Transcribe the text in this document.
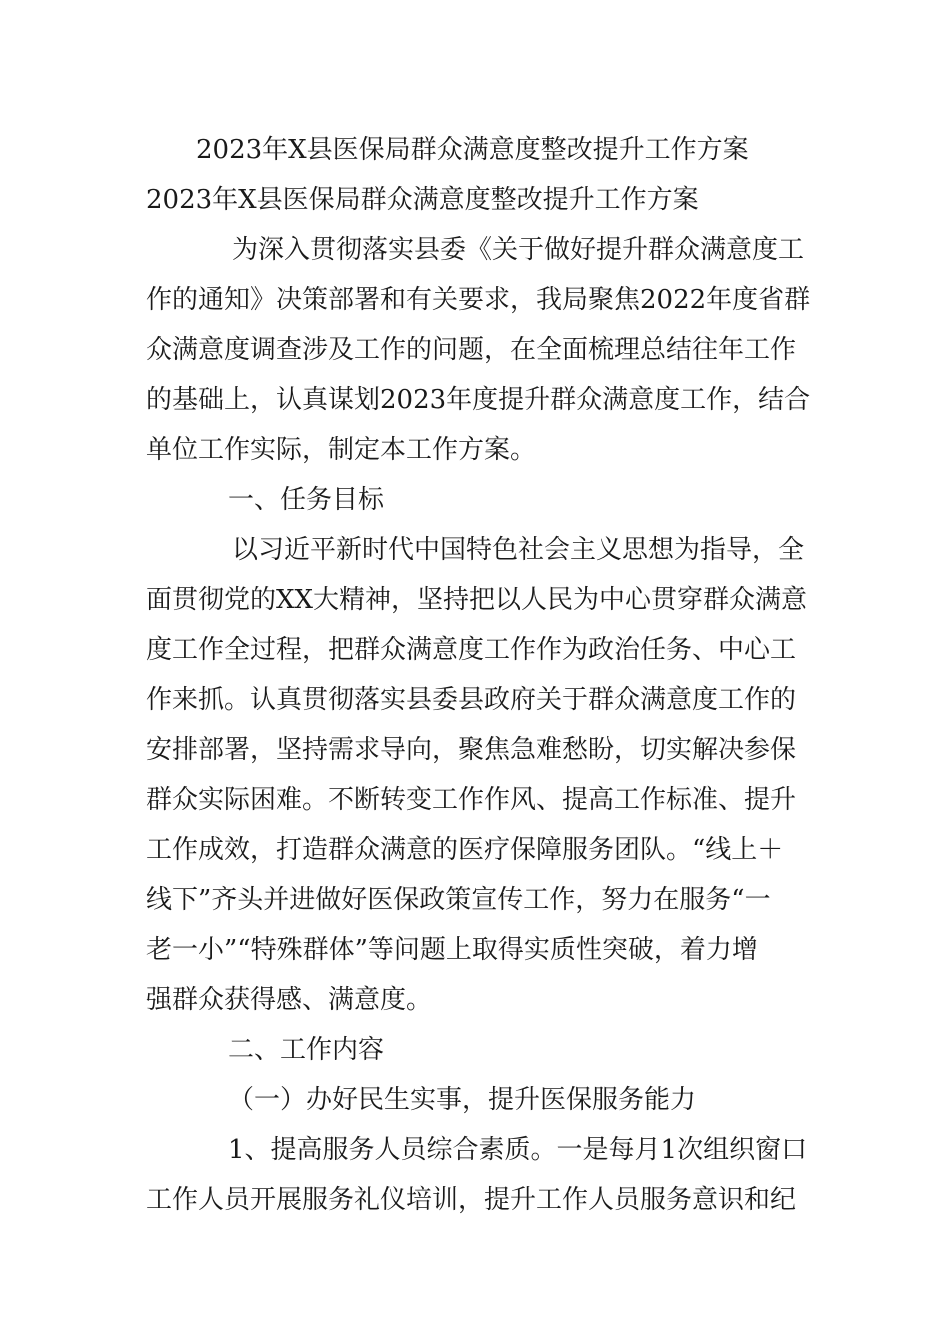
2023年X县医保局群众满意度整改提升工作方案
2023年X县医保局群众满意度整改提升工作方案
为深入贯彻落实县委《关于做好提升群众满意度工
作的通知》决策部署和有关要求，我局聚焦2022年度省群
众满意度调查涉及工作的问题，在全面梳理总结往年工作
的基础上，认真谋划2023年度提升群众满意度工作，结合
单位工作实际，制定本工作方案。
一、任务目标
以习近平新时代中国特色社会主义思想为指导，全
面贯彻党的XX大精神，坚持把以人民为中心贯穿群众满意
度工作全过程，把群众满意度工作作为政治任务、中心工
作来抓。认真贯彻落实县委县政府关于群众满意度工作的
安排部署，坚持需求导向，聚焦急难愁盼，切实解决参保
群众实际困难。不断转变工作作风、提高工作标准、提升
工作成效，打造群众满意的医疗保障服务团队。“线上＋
线下”齐头并进做好医保政策宣传工作，努力在服务“一
老一小”“特殊群体”等问题上取得实质性突破，着力增
强群众获得感、满意度。
二、工作内容
（一）办好民生实事，提升医保服务能力
1、提高服务人员综合素质。一是每月1次组织窗口
工作人员开展服务礼仪培训，提升工作人员服务意识和纪
